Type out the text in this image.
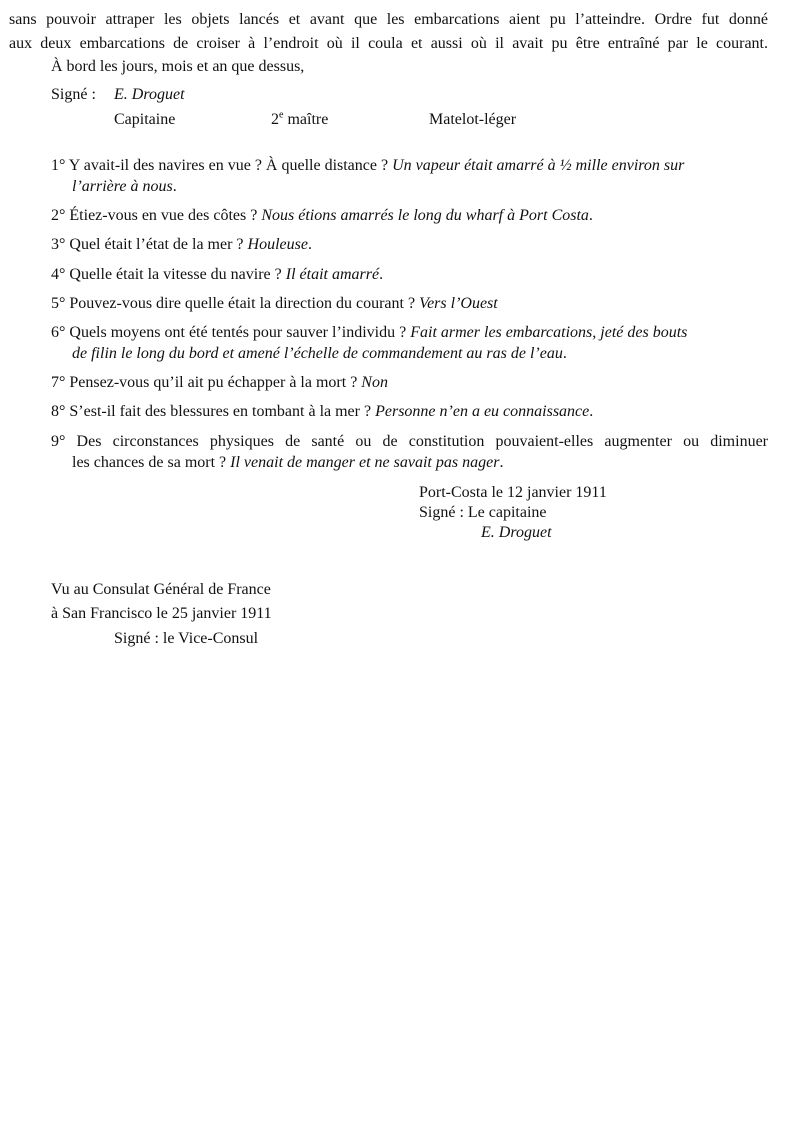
sans pouvoir attraper les objets lancés et avant que les embarcations aient pu l’atteindre. Ordre fut donné
aux deux embarcations de croiser à l’endroit où il coula et aussi où il avait pu être entraîné par le courant.
À bord les jours, mois et an que dessus,
Signé : E. Droguet
Capitaine	2e maître	Matelot-léger
1° Y avait-il des navires en vue ? À quelle distance ? Un vapeur était amarré à ½ mille environ sur
l’arrière à nous.
2° Étiez-vous en vue des côtes ? Nous étions amarrés le long du wharf à Port Costa.
3° Quel était l’état de la mer ? Houleuse.
4° Quelle était la vitesse du navire ? Il était amarré.
5° Pouvez-vous dire quelle était la direction du courant ? Vers l’Ouest
6° Quels moyens ont été tentés pour sauver l’individu ? Fait armer les embarcations, jeté des bouts
de filin le long du bord et amené l’échelle de commandement au ras de l’eau.
7° Pensez-vous qu’il ait pu échapper à la mort ? Non
8° S’est-il fait des blessures en tombant à la mer ? Personne n’en a eu connaissance.
9° Des circonstances physiques de santé ou de constitution pouvaient-elles augmenter ou diminuer
les chances de sa mort ? Il venait de manger et ne savait pas nager.
Port-Costa le 12 janvier 1911
Signé : Le capitaine
E. Droguet
Vu au Consulat Général de France
à San Francisco le 25 janvier 1911
Signé : le Vice-Consul
